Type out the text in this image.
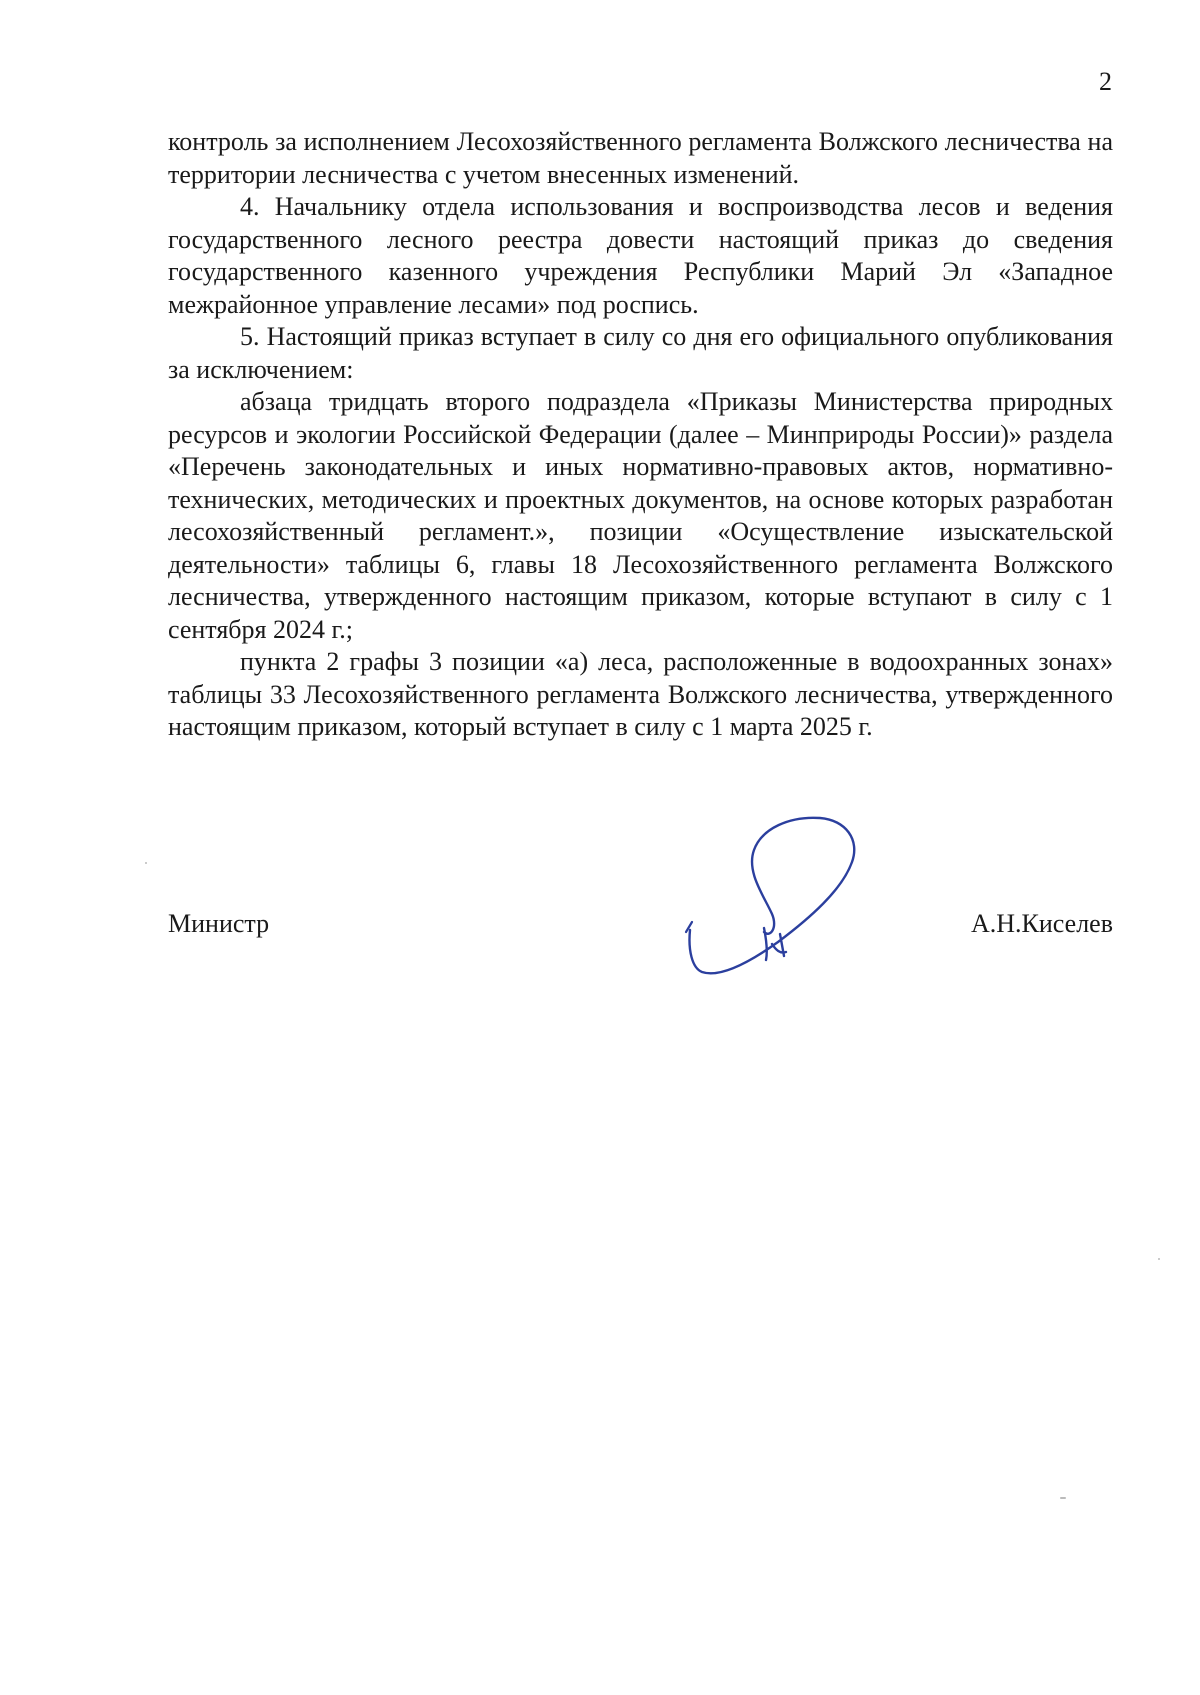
2

контроль за исполнением Лесохозяйственного регламента Волжского лесничества на территории лесничества с учетом внесенных изменений.

4. Начальнику отдела использования и воспроизводства лесов и ведения государственного лесного реестра довести настоящий приказ до сведения государственного казенного учреждения Республики Марий Эл «Западное межрайонное управление лесами» под роспись.

5. Настоящий приказ вступает в силу со дня его официального опубликования за исключением:

абзаца тридцать второго подраздела «Приказы Министерства природных ресурсов и экологии Российской Федерации (далее – Минприроды России)» раздела «Перечень законодательных и иных нормативно-правовых актов, нормативно-технических, методических и проектных документов, на основе которых разработан лесохозяйственный регламент.», позиции «Осуществление изыскательской деятельности» таблицы 6, главы 18 Лесохозяйственного регламента Волжского лесничества, утвержденного настоящим приказом, которые вступают в силу с 1 сентября 2024 г.;

пункта 2 графы 3 позиции «а) леса, расположенные в водоохранных зонах» таблицы 33 Лесохозяйственного регламента Волжского лесничества, утвержденного настоящим приказом, который вступает в силу с 1 марта 2025 г.

Министр	А.Н.Киселев
